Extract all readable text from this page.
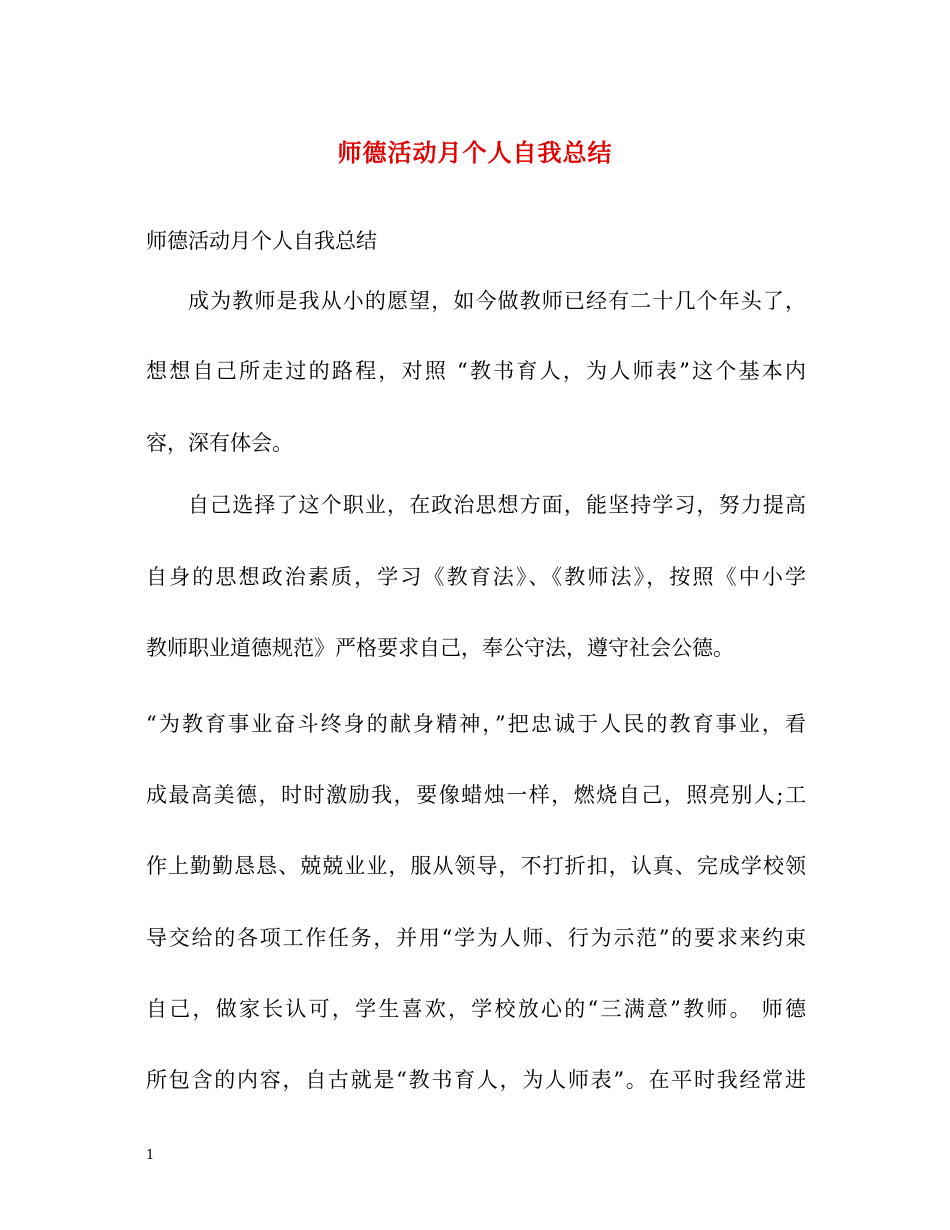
师德活动月个人自我总结

师德活动月个人自我总结

成为教师是我从小的愿望，如今做教师已经有二十几个年头了，

想想自己所走过的路程，对照 “教书育人，为人师表”这个基本内

容，深有体会。

自己选择了这个职业，在政治思想方面，能坚持学习，努力提高

自身的思想政治素质，学习《教育法》、《教师法》，按照《中小学

教师职业道德规范》严格要求自己，奉公守法，遵守社会公德。

“为教育事业奋斗终身的献身精神，”把忠诚于人民的教育事业，看

成最高美德，时时激励我，要像蜡烛一样，燃烧自己，照亮别人;工

作上勤勤恳恳、兢兢业业，服从领导，不打折扣，认真、完成学校领

导交给的各项工作任务，并用“学为人师、行为示范”的要求来约束

自己，做家长认可，学生喜欢，学校放心的“三满意”教师。 师德

所包含的内容，自古就是“教书育人，为人师表”。在平时我经常进

1
